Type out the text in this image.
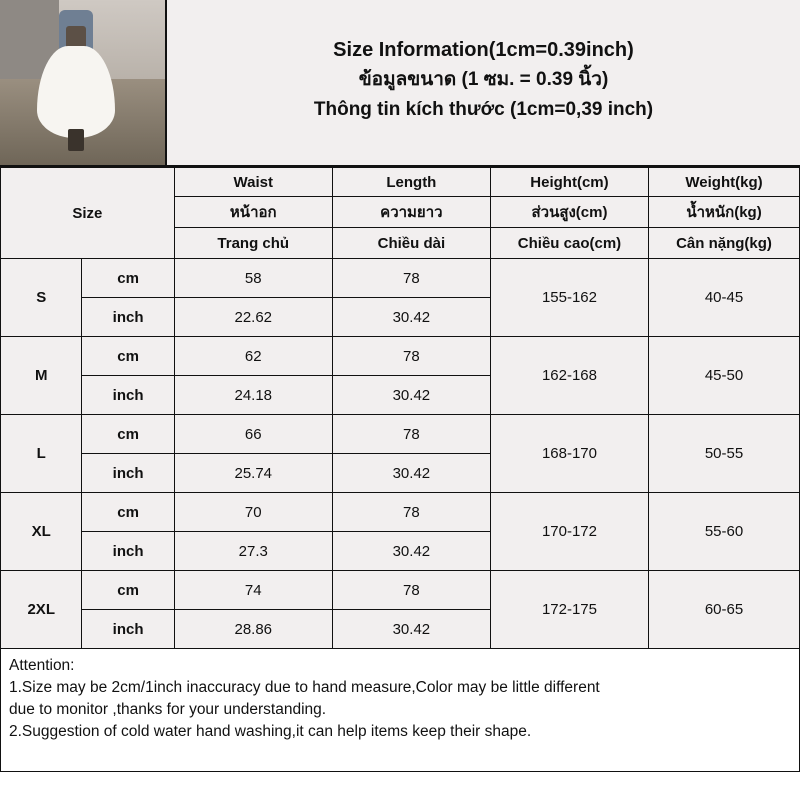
Size Information(1cm=0.39inch)
ข้อมูลขนาด (1 ซม. = 0.39 นิ้ว)
Thông tin kích thước (1cm=0,39 inch)
Size		Waist	Length	Height(cm)	Weight(kg)
		หน้าอก	ความยาว	ส่วนสูง(cm)	น้ำหนัก(kg)
		Trang chủ	Chiều dài	Chiều cao(cm)	Cân nặng(kg)
S	cm	58	78	155-162	40-45
	inch	22.62	30.42		
M	cm	62	78	162-168	45-50
	inch	24.18	30.42		
L	cm	66	78	168-170	50-55
	inch	25.74	30.42		
XL	cm	70	78	170-172	55-60
	inch	27.3	30.42		
2XL	cm	74	78	172-175	60-65
	inch	28.86	30.42		
Attention:
1.Size may be 2cm/1inch inaccuracy due to hand measure,Color may be little different
due to monitor ,thanks for your understanding.
2.Suggestion of cold water hand washing,it can help items keep their shape.
